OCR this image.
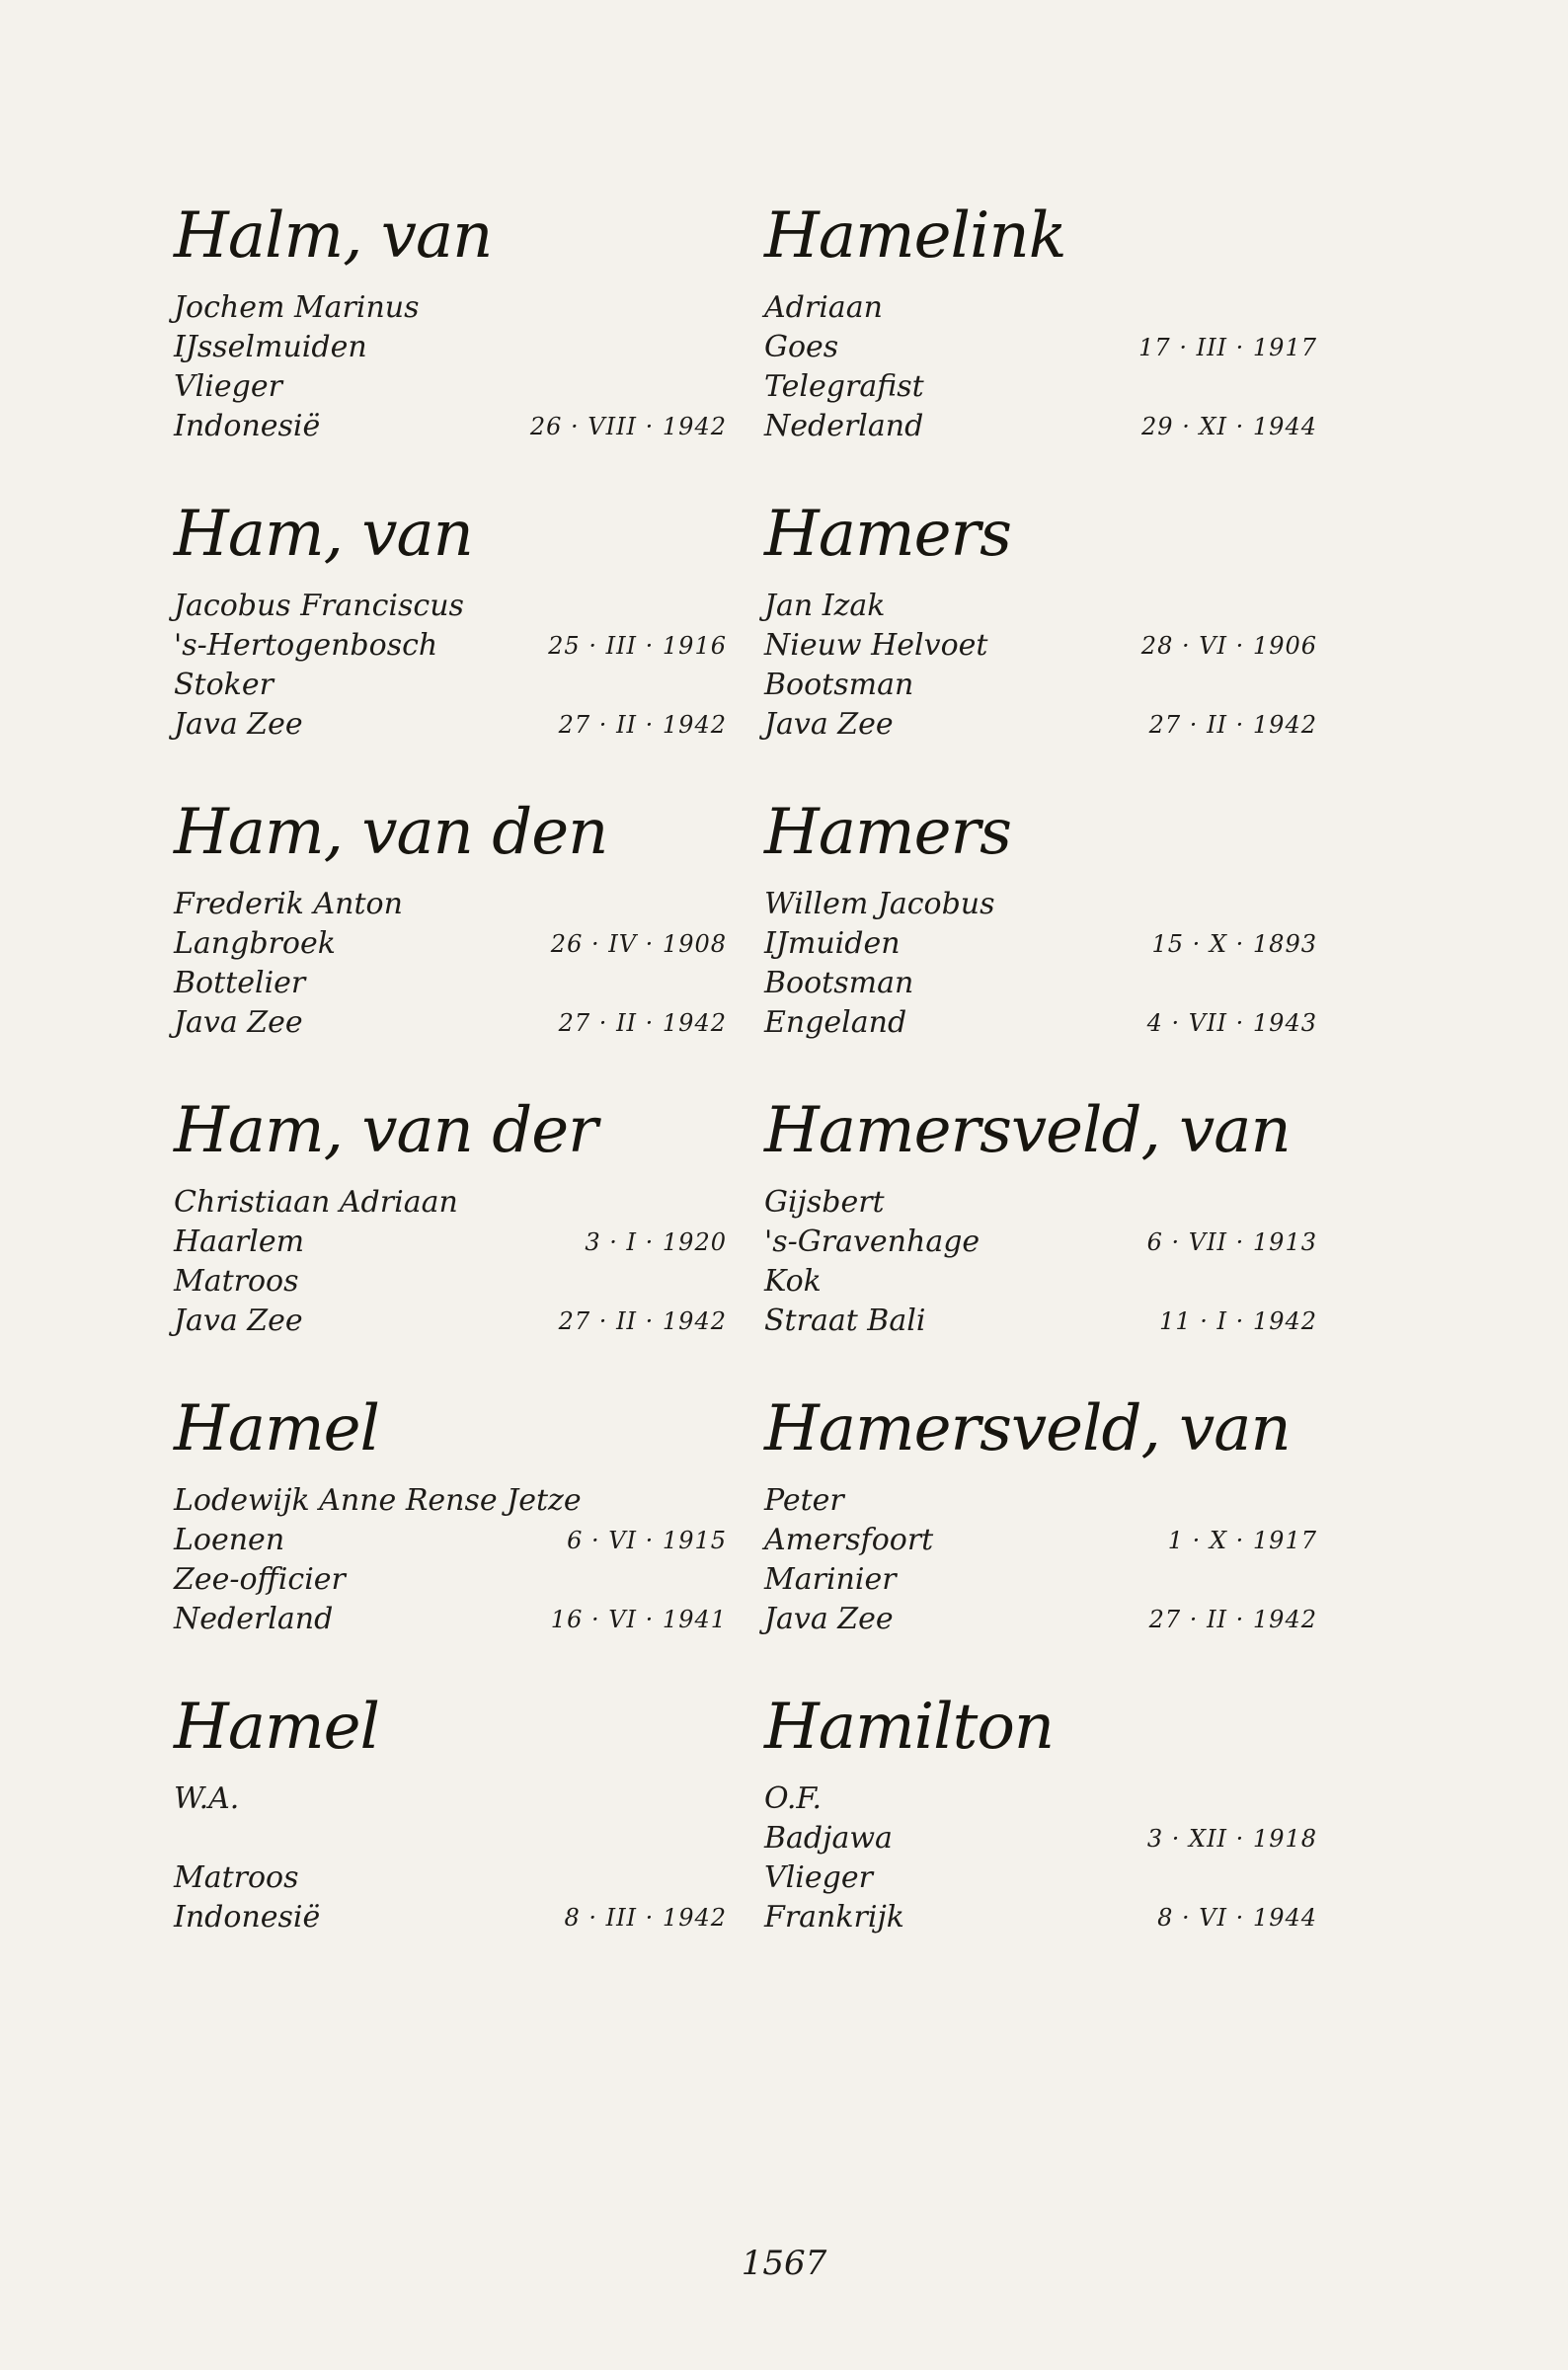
Halm, van
Jochem Marinus
IJsselmuiden
Vlieger
Indonesië	26 · VIII · 1942
Hamelink
Adriaan
Goes	17 · III · 1917
Telegrafist
Nederland	29 · XI · 1944
Ham, van
Jacobus Franciscus
's-Hertogenbosch	25 · III · 1916
Stoker
Java Zee	27 · II · 1942
Hamers
Jan Izak
Nieuw Helvoet	28 · VI · 1906
Bootsman
Java Zee	27 · II · 1942
Ham, van den
Frederik Anton
Langbroek	26 · IV · 1908
Bottelier
Java Zee	27 · II · 1942
Hamers
Willem Jacobus
IJmuiden	15 · X · 1893
Bootsman
Engeland	4 · VII · 1943
Ham, van der
Christiaan Adriaan
Haarlem	3 · I · 1920
Matroos
Java Zee	27 · II · 1942
Hamersveld, van
Gijsbert
's-Gravenhage	6 · VII · 1913
Kok
Straat Bali	11 · I · 1942
Hamel
Lodewijk Anne Rense Jetze
Loenen	6 · VI · 1915
Zee-officier
Nederland	16 · VI · 1941
Hamersveld, van
Peter
Amersfoort	1 · X · 1917
Marinier
Java Zee	27 · II · 1942
Hamel
W.A.
Matroos
Indonesië	8 · III · 1942
Hamilton
O.F.
Badjawa	3 · XII · 1918
Vlieger
Frankrijk	8 · VI · 1944
1567
